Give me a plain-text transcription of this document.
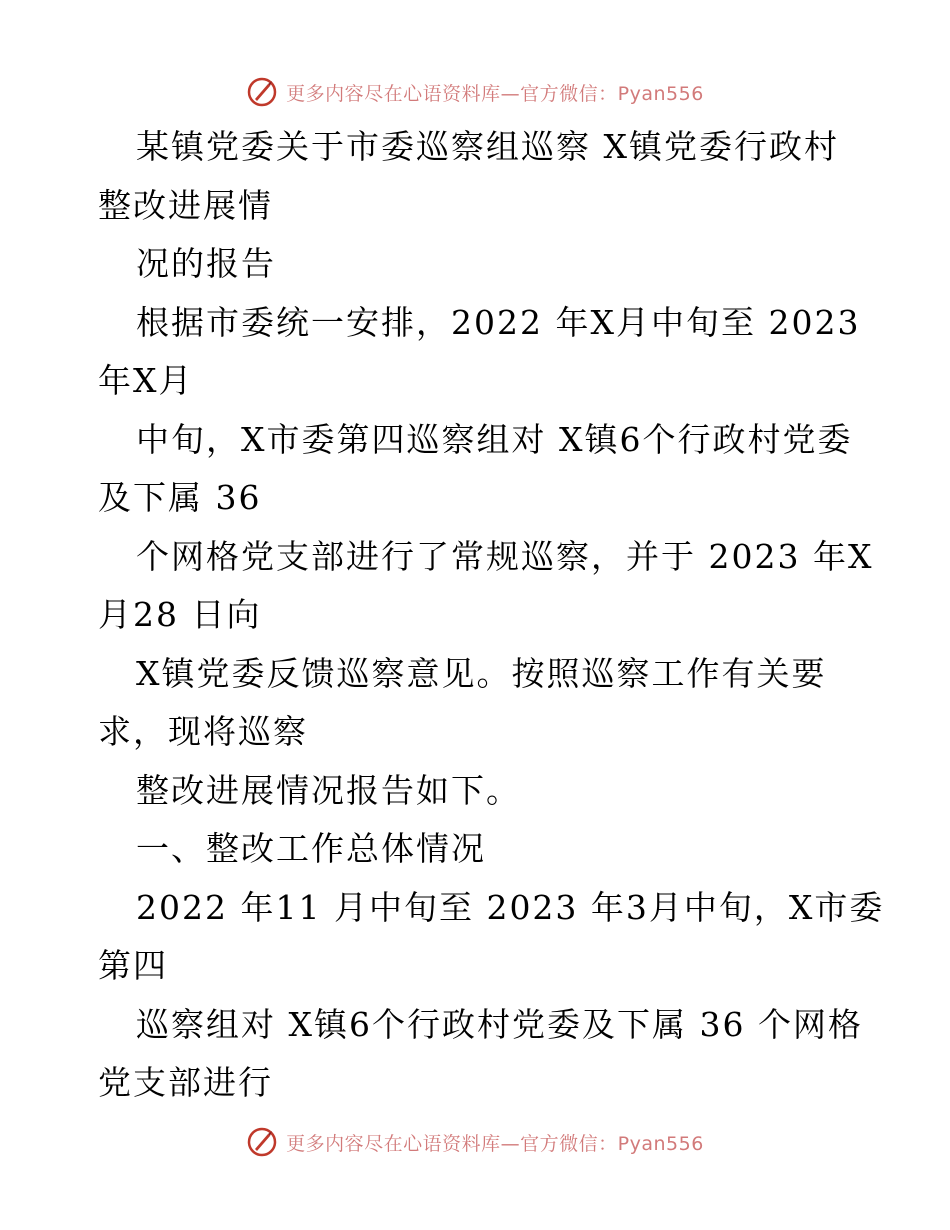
更多内容尽在心语资料库—官方微信：Pyan556
某镇党委关于市委巡察组巡察 X镇党委行政村
整改进展情
况的报告
根据市委统一安排，2022 年X月中旬至 2023
年X月
中旬，X市委第四巡察组对 X镇6个行政村党委
及下属 36
个网格党支部进行了常规巡察，并于 2023 年X
月28 日向
X镇党委反馈巡察意见。按照巡察工作有关要
求，现将巡察
整改进展情况报告如下。
一、整改工作总体情况
2022 年11 月中旬至 2023 年3月中旬，X市委
第四
巡察组对 X镇6个行政村党委及下属 36 个网格
党支部进行
更多内容尽在心语资料库—官方微信：Pyan556
